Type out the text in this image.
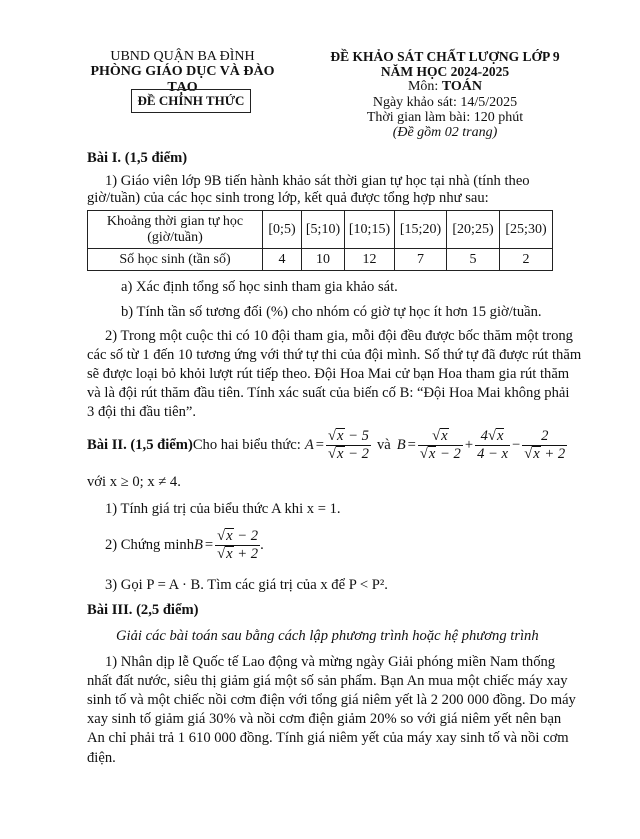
UBND QUẬN BA ĐÌNH
PHÒNG GIÁO DỤC VÀ ĐÀO TẠO
ĐỀ CHÍNH THỨC
ĐỀ KHẢO SÁT CHẤT LƯỢNG LỚP 9
NĂM HỌC 2024-2025
Môn: TOÁN
Ngày khảo sát: 14/5/2025
Thời gian làm bài: 120 phút
(Đề gồm 02 trang)
Bài I. (1,5 điểm)
1) Giáo viên lớp 9B tiến hành khảo sát thời gian tự học tại nhà (tính theo
giờ/tuần) của các học sinh trong lớp, kết quả được tổng hợp như sau:
Khoảng thời gian tự học
(giờ/tuần)	[0;5)	[5;10)	[10;15)	[15;20)	[20;25)	[25;30)
Số học sinh (tần số)	4	10	12	7	5	2
a) Xác định tổng số học sinh tham gia khảo sát.
b) Tính tần số tương đối (%) cho nhóm có giờ tự học ít hơn 15 giờ/tuần.
2) Trong một cuộc thi có 10 đội tham gia, mỗi đội đều được bốc thăm một trong
các số từ 1 đến 10 tương ứng với thứ tự thi của đội mình. Số thứ tự đã được rút thăm
sẽ được loại bỏ khỏi lượt rút tiếp theo. Đội Hoa Mai cử bạn Hoa tham gia rút thăm
và là đội rút thăm đầu tiên. Tính xác suất của biến cố B: “Đội Hoa Mai không phải
3 đội thi đầu tiên”.
Bài II. (1,5 điểm) Cho hai biểu thức: $A = \frac{√x - 5}{√x - 2}$ và $B = \frac{√x}{√x - 2} + \frac{4√x}{4 - x} - \frac{2}{√x + 2}$
với x ≥ 0; x ≠ 4.
1) Tính giá trị của biểu thức A khi x = 1.
2) Chứng minh $B = \frac{√x - 2}{√x + 2}$ .
3) Gọi P = A · B. Tìm các giá trị của x để P < P².
Bài III. (2,5 điểm)
Giải các bài toán sau bằng cách lập phương trình hoặc hệ phương trình
1) Nhân dịp lễ Quốc tế Lao động và mừng ngày Giải phóng miền Nam thống
nhất đất nước, siêu thị giảm giá một số sản phẩm. Bạn An mua một chiếc máy xay
sinh tố và một chiếc nồi cơm điện với tổng giá niêm yết là 2 200 000 đồng. Do máy
xay sinh tố giảm giá 30% và nồi cơm điện giảm 20% so với giá niêm yết nên bạn
An chỉ phải trả 1 610 000 đồng. Tính giá niêm yết của máy xay sinh tố và nồi cơm
điện.
